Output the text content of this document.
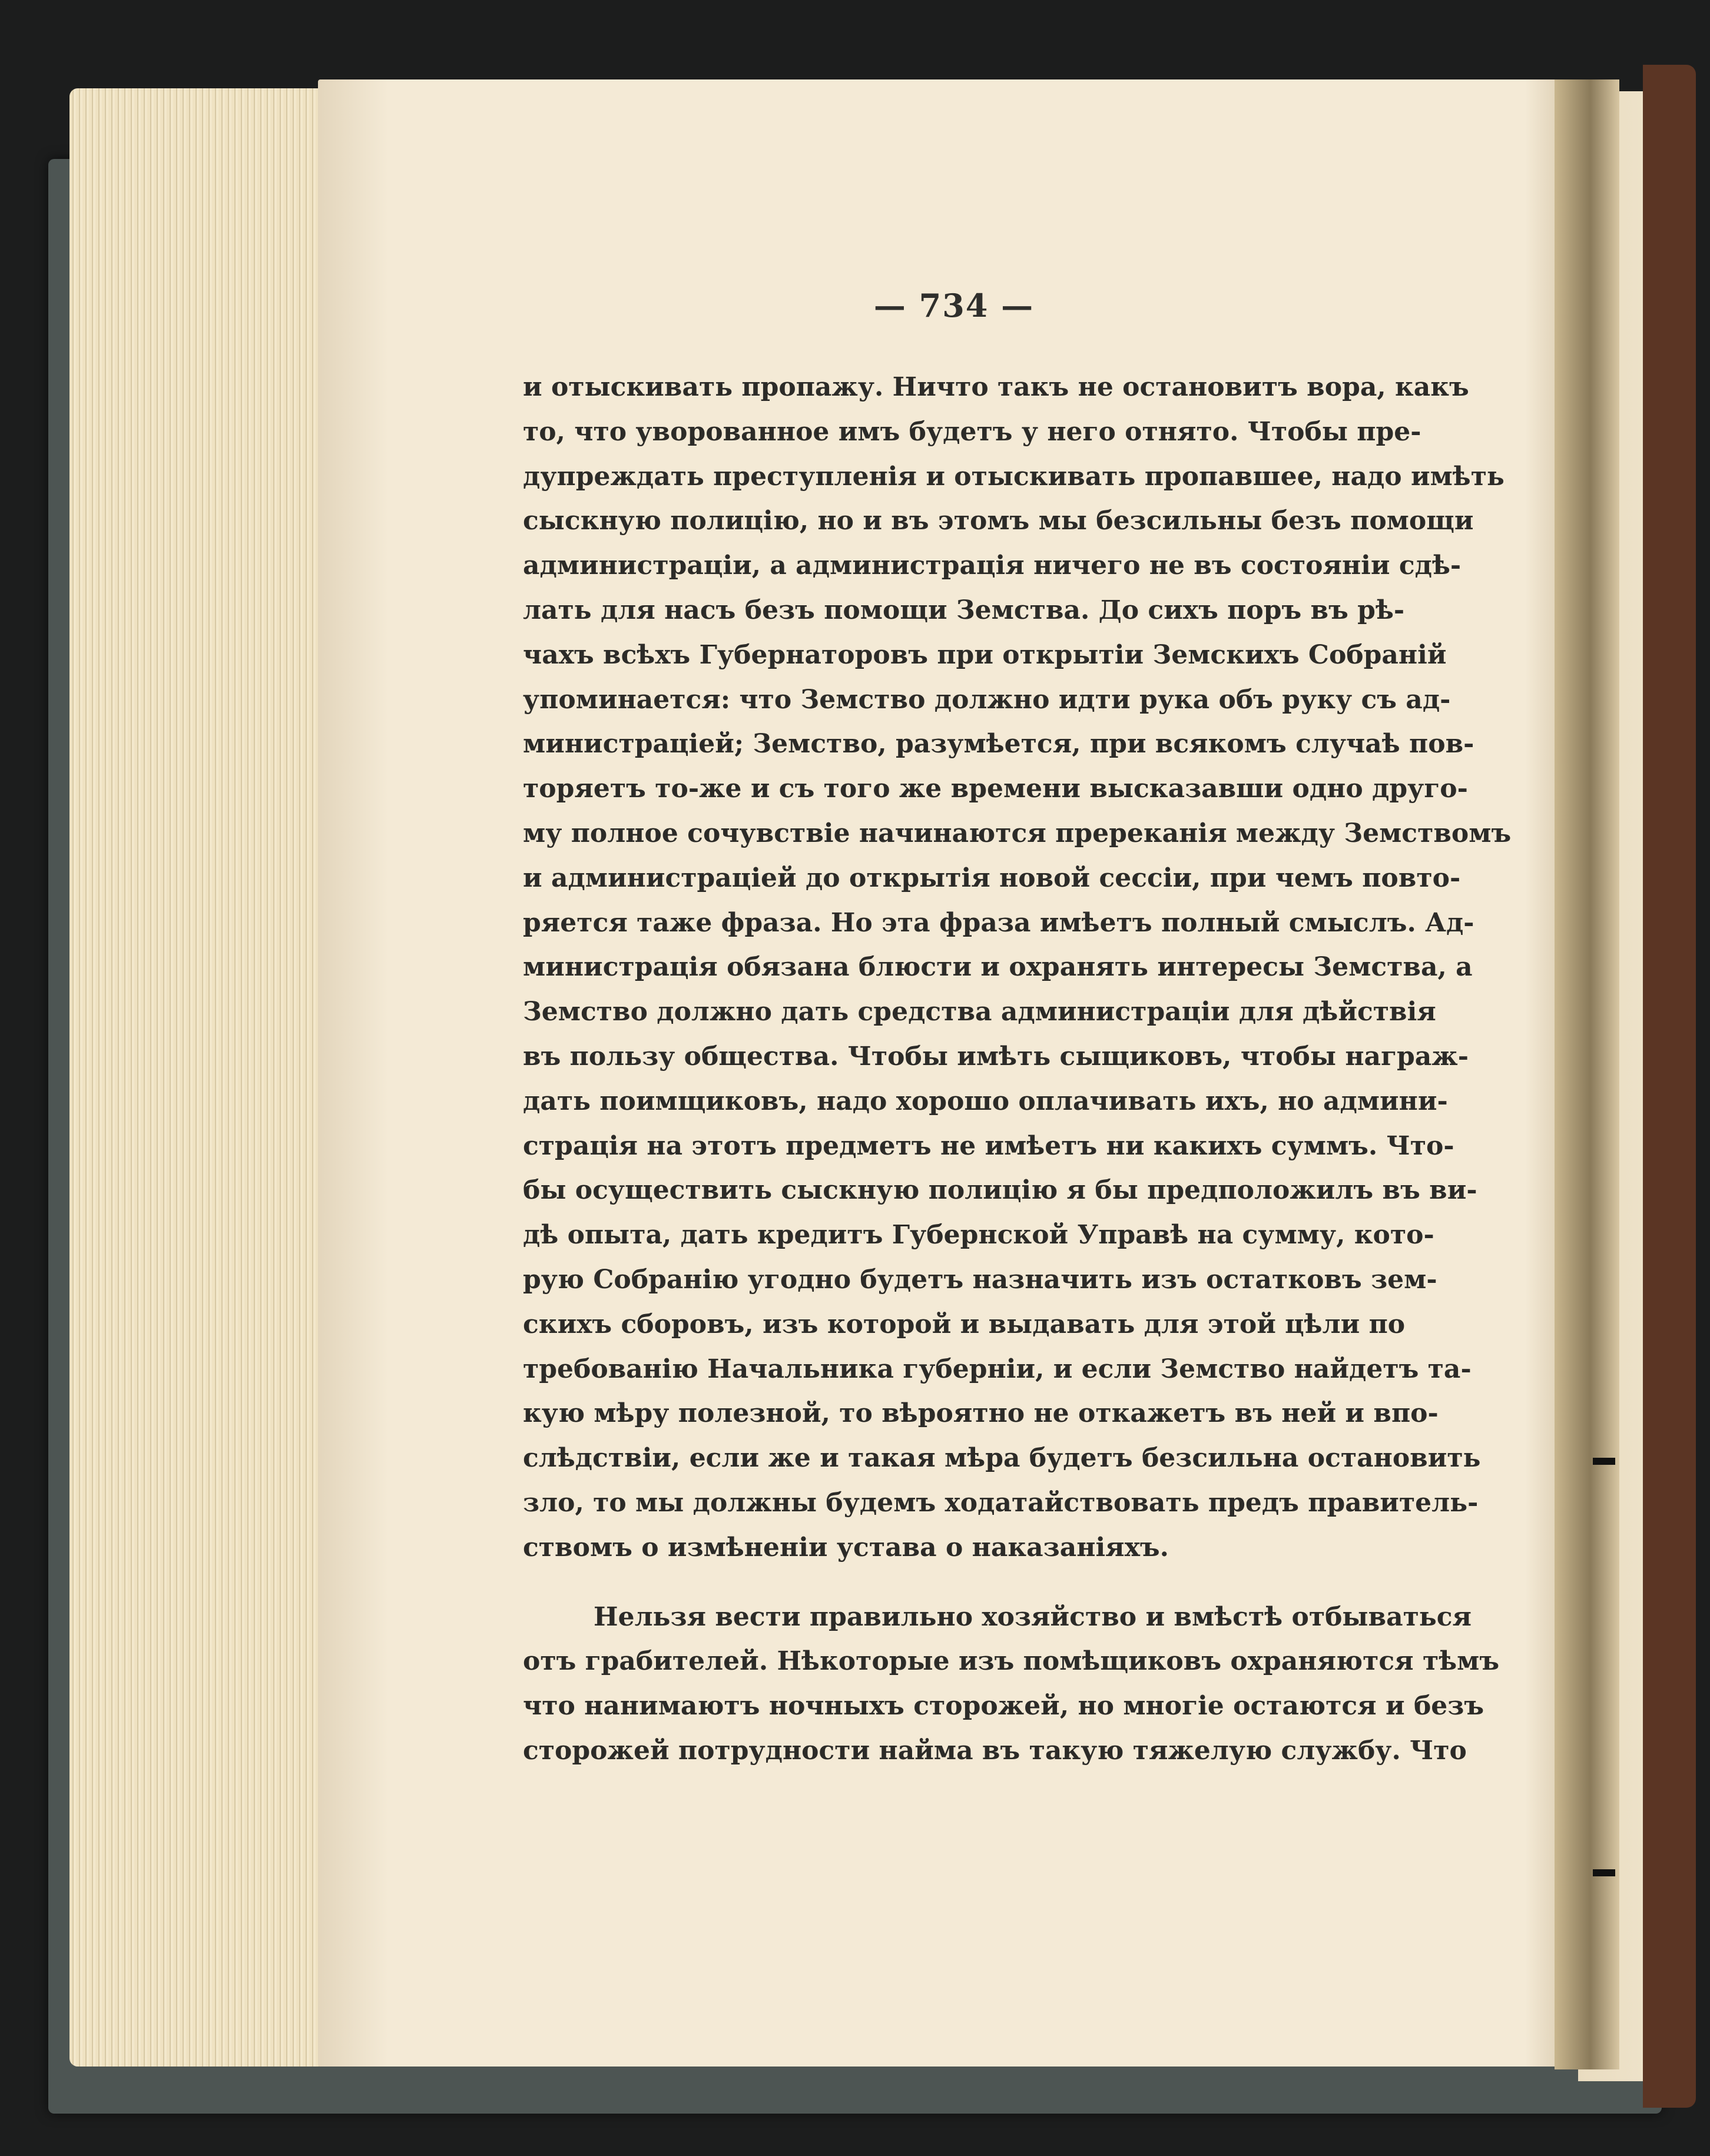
— 734 —
и отыскивать пропажу. Ничто такъ не остановитъ вора, какъ
то, что уворованное имъ будетъ у него отнято. Чтобы пре-
дупреждать преступленія и отыскивать пропавшее, надо имѣть
сыскную полицію, но и въ этомъ мы безсильны безъ помощи
администраціи, а администрація ничего не въ состояніи сдѣ-
лать для насъ безъ помощи Земства. До сихъ поръ въ рѣ-
чахъ всѣхъ Губернаторовъ при открытіи Земскихъ Собраній
упоминается: что Земство должно идти рука объ руку съ ад-
министраціей; Земство, разумѣется, при всякомъ случаѣ пов-
торяетъ то-же и съ того же времени высказавши одно друго-
му полное сочувствіе начинаются пререканія между Земствомъ
и администраціей до открытія новой сессіи, при чемъ повто-
ряется таже фраза. Но эта фраза имѣетъ полный смыслъ. Ад-
министрація обязана блюсти и охранять интересы Земства, а
Земство должно дать средства администраціи для дѣйствія
въ пользу общества. Чтобы имѣть сыщиковъ, чтобы награж-
дать поимщиковъ, надо хорошо оплачивать ихъ, но админи-
страція на этотъ предметъ не имѣетъ ни какихъ суммъ. Что-
бы осуществить сыскную полицію я бы предположилъ въ ви-
дѣ опыта, дать кредитъ Губернской Управѣ на сумму, кото-
рую Собранію угодно будетъ назначить изъ остатковъ зем-
скихъ сборовъ, изъ которой и выдавать для этой цѣли по
требованію Начальника губерніи, и если Земство найдетъ та-
кую мѣру полезной, то вѣроятно не откажетъ въ ней и впо-
слѣдствіи, если же и такая мѣра будетъ безсильна остановить
зло, то мы должны будемъ ходатайствовать предъ правитель-
ствомъ о измѣненіи устава о наказаніяхъ.
Нельзя вести правильно хозяйство и вмѣстѣ отбываться
отъ грабителей. Нѣкоторые изъ помѣщиковъ охраняются тѣмъ
что нанимаютъ ночныхъ сторожей, но многіе остаются и безъ
сторожей потрудности найма въ такую тяжелую службу. Что
